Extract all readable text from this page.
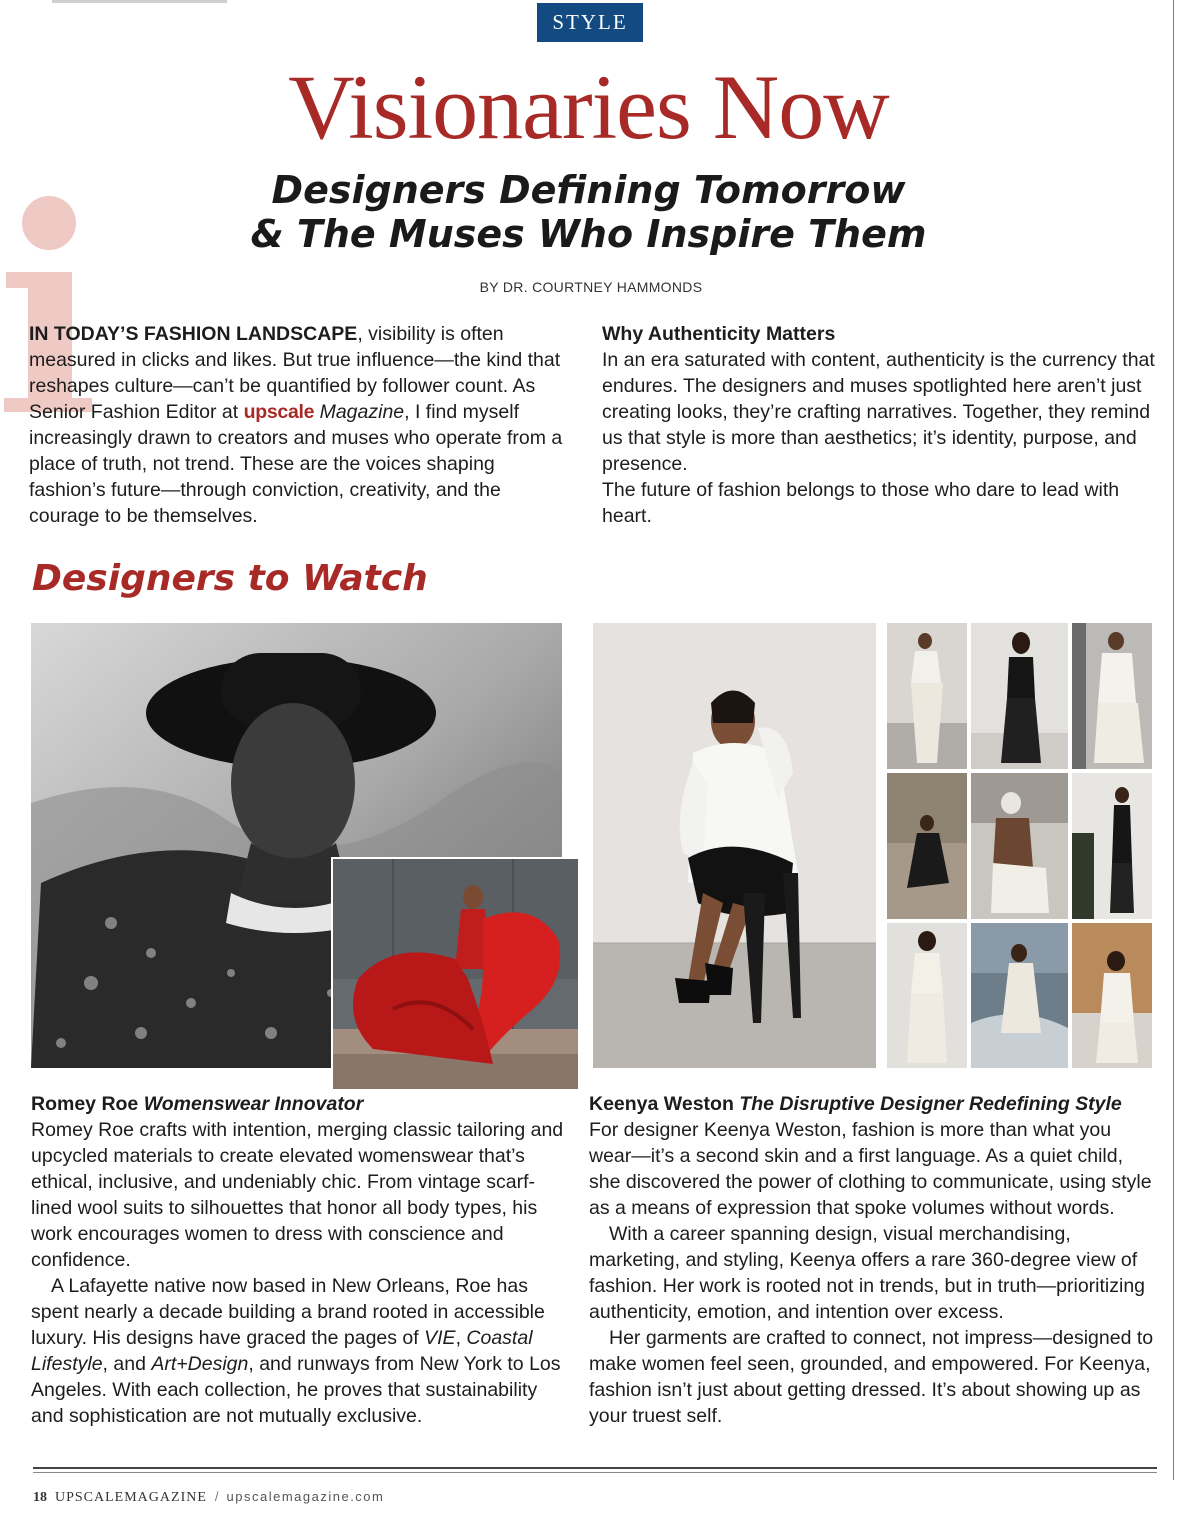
STYLE
Visionaries Now
Designers Defining Tomorrow
& The Muses Who Inspire Them
BY DR. COURTNEY HAMMONDS

IN TODAY’S FASHION LANDSCAPE, visibility is often measured in clicks and likes. But true influence—the kind that reshapes culture—can’t be quantified by follower count. As Senior Fashion Editor at upscale Magazine, I find myself increasingly drawn to creators and muses who operate from a place of truth, not trend. These are the voices shaping fashion’s future—through conviction, creativity, and the courage to be themselves.

Why Authenticity Matters

In an era saturated with content, authenticity is the currency that endures. The designers and muses spotlighted here aren’t just creating looks, they’re crafting narratives. Together, they remind us that style is more than aesthetics; it’s identity, purpose, and presence.

The future of fashion belongs to those who dare to lead with heart.

Designers to Watch
Romey Roe Womenswear Innovator

Romey Roe crafts with intention, merging classic tailoring and upcycled materials to create elevated womenswear that’s ethical, inclusive, and undeniably chic. From vintage scarf-lined wool suits to silhouettes that honor all body types, his work encourages women to dress with conscience and confidence.

A Lafayette native now based in New Orleans, Roe has spent nearly a decade building a brand rooted in accessible luxury. His designs have graced the pages of VIE, Coastal Lifestyle, and Art+Design, and runways from New York to Los Angeles. With each collection, he proves that sustainability and sophistication are not mutually exclusive.

Keenya Weston The Disruptive Designer Redefining Style

For designer Keenya Weston, fashion is more than what you wear—it’s a second skin and a first language. As a quiet child, she discovered the power of clothing to communicate, using style as a means of expression that spoke volumes without words.

With a career spanning design, visual merchandising, marketing, and styling, Keenya offers a rare 360-degree view of fashion. Her work is rooted not in trends, but in truth—prioritizing authenticity, emotion, and intention over excess.

Her garments are crafted to connect, not impress—designed to make women feel seen, grounded, and empowered. For Keenya, fashion isn’t just about getting dressed. It’s about showing up as your truest self.

18 UPSCALEMAGAZINE / upscalemagazine.com
